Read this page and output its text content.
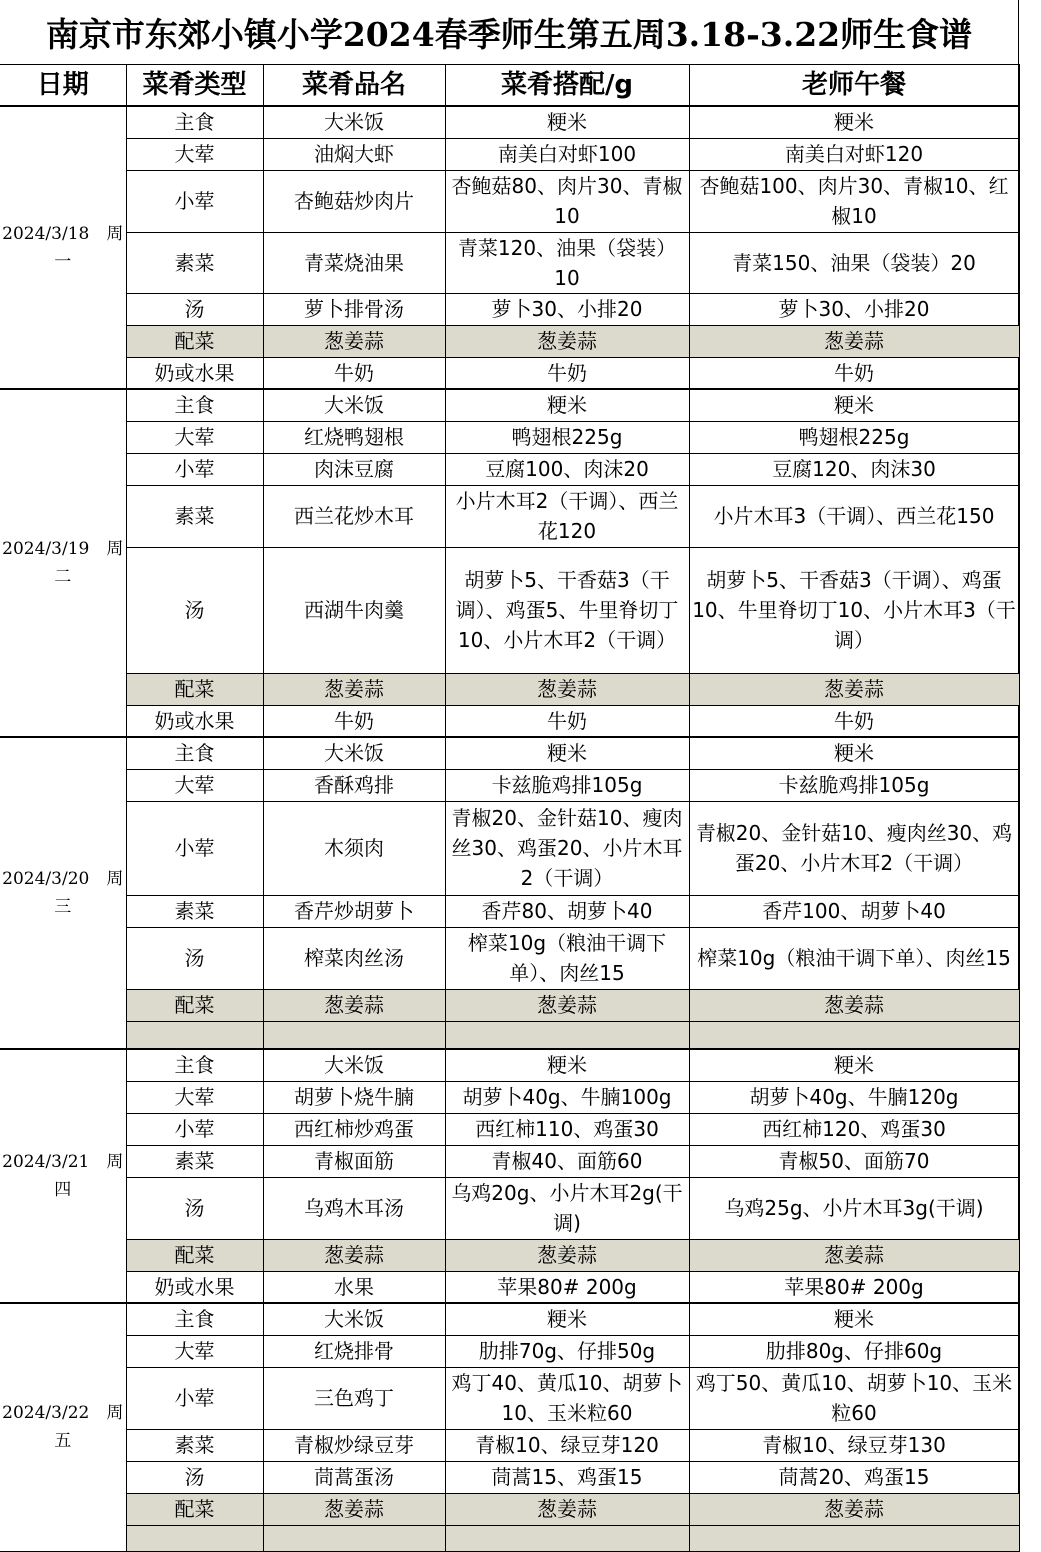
南京市东郊小镇小学2024春季师生第五周3.18-3.22师生食谱
日期	菜肴类型	菜肴品名	菜肴搭配/g	老师午餐
2024/3/18　周一	主食	大米饭	粳米	粳米
	大荤	油焖大虾	南美白对虾100	南美白对虾120
	小荤	杏鲍菇炒肉片	杏鲍菇80、肉片30、青椒10	杏鲍菇100、肉片30、青椒10、红椒10
	素菜	青菜烧油果	青菜120、油果（袋装）10	青菜150、油果（袋装）20
	汤	萝卜排骨汤	萝卜30、小排20	萝卜30、小排20
	配菜	葱姜蒜	葱姜蒜	葱姜蒜
	奶或水果	牛奶	牛奶	牛奶
2024/3/19　周二	主食	大米饭	粳米	粳米
	大荤	红烧鸭翅根	鸭翅根225g	鸭翅根225g
	小荤	肉沫豆腐	豆腐100、肉沫20	豆腐120、肉沫30
	素菜	西兰花炒木耳	小片木耳2（干调）、西兰花120	小片木耳3（干调）、西兰花150
	汤	西湖牛肉羹	胡萝卜5、干香菇3（干调）、鸡蛋5、牛里脊切丁10、小片木耳2（干调）	胡萝卜5、干香菇3（干调）、鸡蛋10、牛里脊切丁10、小片木耳3（干调）
	配菜	葱姜蒜	葱姜蒜	葱姜蒜
	奶或水果	牛奶	牛奶	牛奶
2024/3/20　周三	主食	大米饭	粳米	粳米
	大荤	香酥鸡排	卡兹脆鸡排105g	卡兹脆鸡排105g
	小荤	木须肉	青椒20、金针菇10、瘦肉丝30、鸡蛋20、小片木耳2（干调）	青椒20、金针菇10、瘦肉丝30、鸡蛋20、小片木耳2（干调）
	素菜	香芹炒胡萝卜	香芹80、胡萝卜40	香芹100、胡萝卜40
	汤	榨菜肉丝汤	榨菜10g（粮油干调下单）、肉丝15	榨菜10g（粮油干调下单）、肉丝15
	配菜	葱姜蒜	葱姜蒜	葱姜蒜

2024/3/21　周四	主食	大米饭	粳米	粳米
	大荤	胡萝卜烧牛腩	胡萝卜40g、牛腩100g	胡萝卜40g、牛腩120g
	小荤	西红柿炒鸡蛋	西红柿110、鸡蛋30	西红柿120、鸡蛋30
	素菜	青椒面筋	青椒40、面筋60	青椒50、面筋70
	汤	乌鸡木耳汤	乌鸡20g、小片木耳2g(干调)	乌鸡25g、小片木耳3g(干调)
	配菜	葱姜蒜	葱姜蒜	葱姜蒜
	奶或水果	水果	苹果80# 200g	苹果80# 200g
2024/3/22　周五	主食	大米饭	粳米	粳米
	大荤	红烧排骨	肋排70g、仔排50g	肋排80g、仔排60g
	小荤	三色鸡丁	鸡丁40、黄瓜10、胡萝卜10、玉米粒60	鸡丁50、黄瓜10、胡萝卜10、玉米粒60
	素菜	青椒炒绿豆芽	青椒10、绿豆芽120	青椒10、绿豆芽130
	汤	茼蒿蛋汤	茼蒿15、鸡蛋15	茼蒿20、鸡蛋15
	配菜	葱姜蒜	葱姜蒜	葱姜蒜
